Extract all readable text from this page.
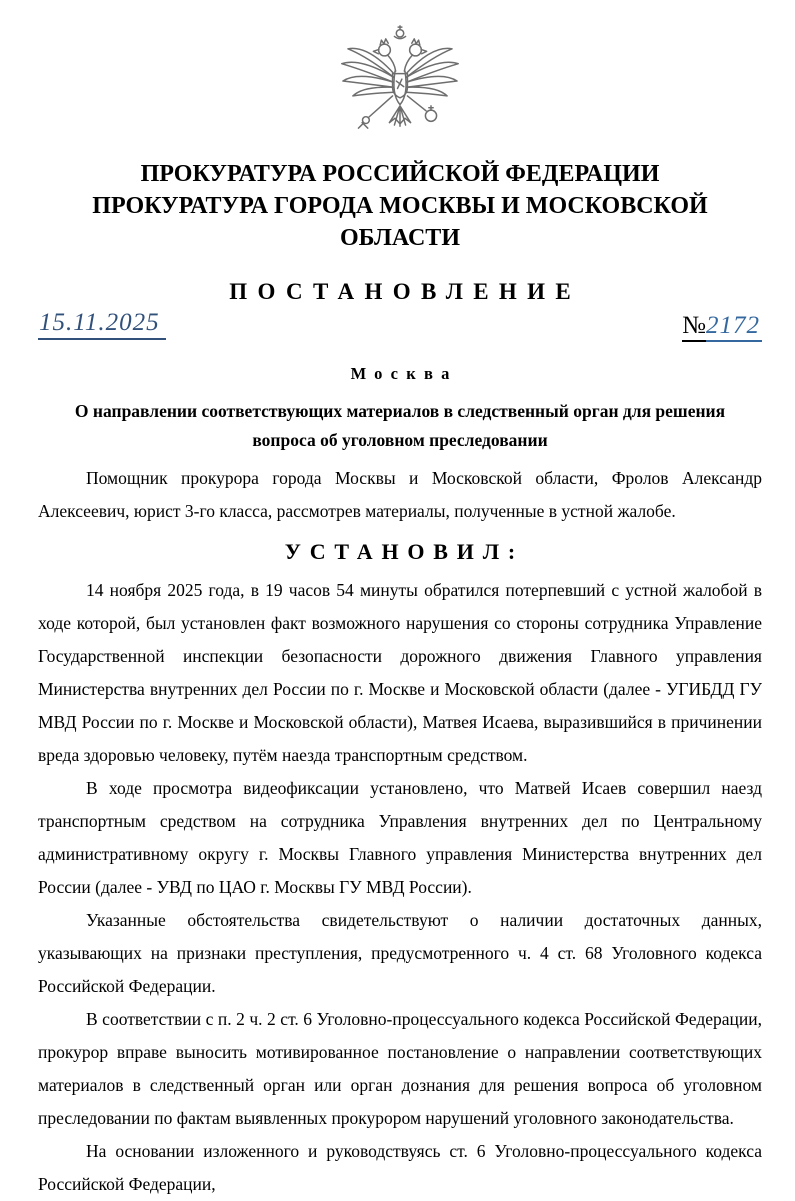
ПРОКУРАТУРА РОССИЙСКОЙ ФЕДЕРАЦИИ
ПРОКУРАТУРА ГОРОДА МОСКВЫ И МОСКОВСКОЙ ОБЛАСТИ
ПОСТАНОВЛЕНИЕ
15.11.2025	№2172
Москва
О направлении соответствующих материалов в следственный орган для решения вопроса об уголовном преследовании

Помощник прокурора города Москвы и Московской области, Фролов Александр Алексеевич, юрист 3-го класса, рассмотрев материалы, полученные в устной жалобе.

УСТАНОВИЛ:

14 ноября 2025 года, в 19 часов 54 минуты обратился потерпевший с устной жалобой в ходе которой, был установлен факт возможного нарушения со стороны сотрудника Управление Государственной инспекции безопасности дорожного движения Главного управления Министерства внутренних дел России по г. Москве и Московской области (далее - УГИБДД ГУ МВД России по г. Москве и Московской области), Матвея Исаева, выразившийся в причинении вреда здоровью человеку, путём наезда транспортным средством.

В ходе просмотра видеофиксации установлено, что Матвей Исаев совершил наезд транспортным средством на сотрудника Управления внутренних дел по Центральному административному округу г. Москвы Главного управления Министерства внутренних дел России (далее - УВД по ЦАО г. Москвы ГУ МВД России).

Указанные обстоятельства свидетельствуют о наличии достаточных данных, указывающих на признаки преступления, предусмотренного ч. 4 ст. 68 Уголовного кодекса Российской Федерации.

В соответствии с п. 2 ч. 2 ст. 6 Уголовно-процессуального кодекса Российской Федерации, прокурор вправе выносить мотивированное постановление о направлении соответствующих материалов в следственный орган или орган дознания для решения вопроса об уголовном преследовании по фактам выявленных прокурором нарушений уголовного законодательства.

На основании изложенного и руководствуясь ст. 6 Уголовно-процессуального кодекса Российской Федерации,
